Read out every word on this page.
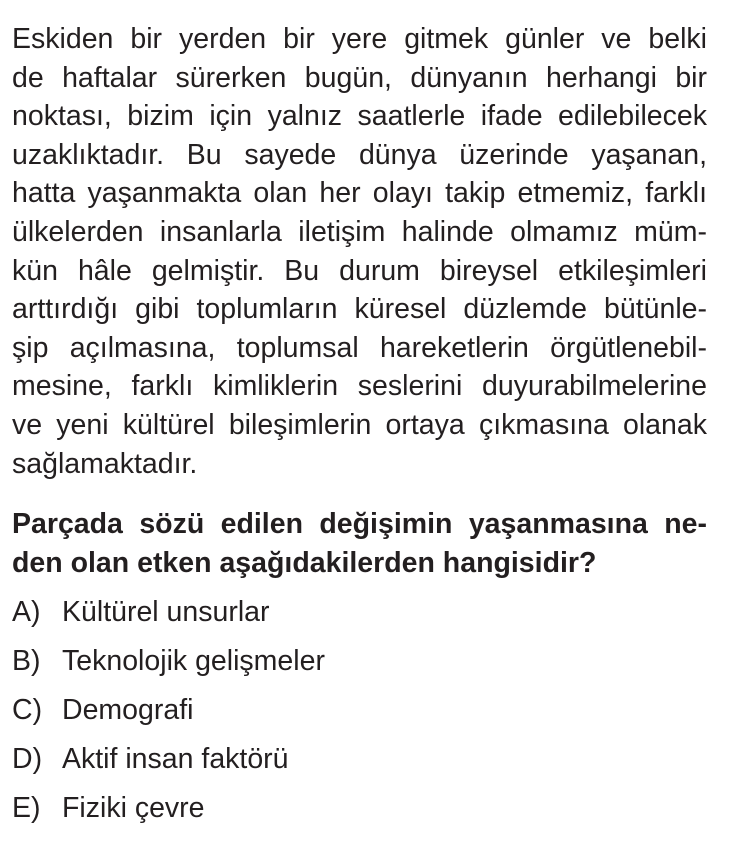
Eskiden bir yerden bir yere gitmek günler ve belki
de haftalar sürerken bugün, dünyanın herhangi bir
noktası, bizim için yalnız saatlerle ifade edilebilecek
uzaklıktadır. Bu sayede dünya üzerinde yaşanan,
hatta yaşanmakta olan her olayı takip etmemiz, farklı
ülkelerden insanlarla iletişim halinde olmamız müm-
kün hâle gelmiştir. Bu durum bireysel etkileşimleri
arttırdığı gibi toplumların küresel düzlemde bütünle-
şip açılmasına, toplumsal hareketlerin örgütlenebil-
mesine, farklı kimliklerin seslerini duyurabilmelerine
ve yeni kültürel bileşimlerin ortaya çıkmasına olanak
sağlamaktadır.
Parçada sözü edilen değişimin yaşanmasına ne-
den olan etken aşağıdakilerden hangisidir?
A) Kültürel unsurlar
B) Teknolojik gelişmeler
C) Demografi
D) Aktif insan faktörü
E) Fiziki çevre
